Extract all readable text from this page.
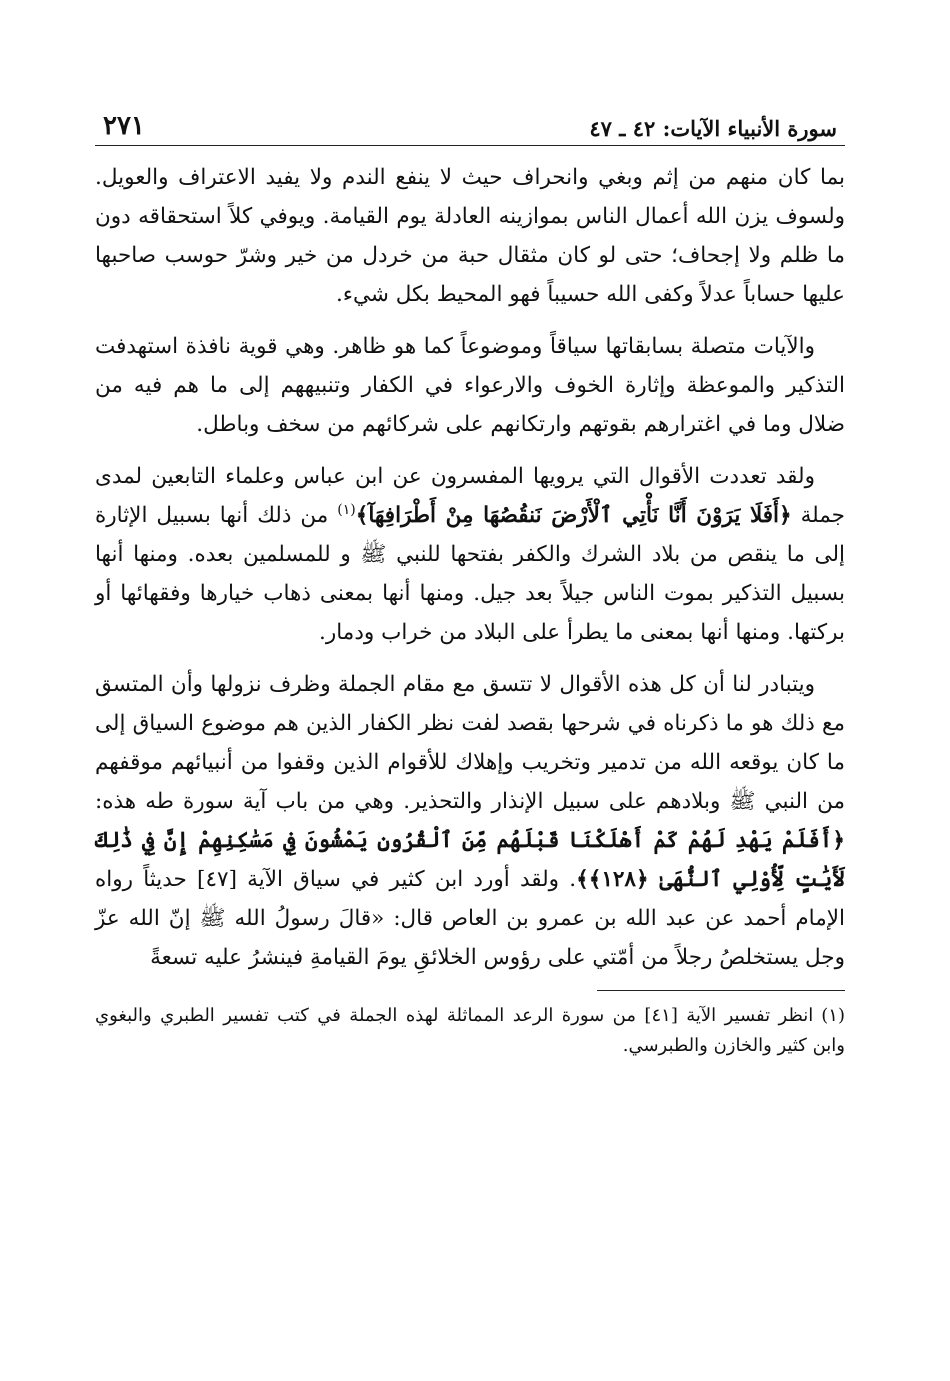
سورة الأنبياء الآيات: ٤٢ ـ ٤٧
٢٧١

بما كان منهم من إثم وبغي وانحراف حيث لا ينفع الندم ولا يفيد الاعتراف والعويل. ولسوف يزن الله أعمال الناس بموازينه العادلة يوم القيامة. ويوفي كلاً استحقاقه دون ما ظلم ولا إجحاف؛ حتى لو كان مثقال حبة من خردل من خير وشرّ حوسب صاحبها عليها حساباً عدلاً وكفى الله حسيباً فهو المحيط بكل شيء.

والآيات متصلة بسابقاتها سياقاً وموضوعاً كما هو ظاهر. وهي قوية نافذة استهدفت التذكير والموعظة وإثارة الخوف والارعواء في الكفار وتنبيههم إلى ما هم فيه من ضلال وما في اغترارهم بقوتهم وارتكانهم على شركائهم من سخف وباطل.

ولقد تعددت الأقوال التي يرويها المفسرون عن ابن عباس وعلماء التابعين لمدى جملة ﴿أَفَلَا يَرَوْنَ أَنَّا نَأْتِي ٱلْأَرْضَ نَنقُصُهَا مِنْ أَطْرَافِهَآ﴾$^{(١)}$ من ذلك أنها بسبيل الإثارة إلى ما ينقص من بلاد الشرك والكفر بفتحها للنبي ﷺ و للمسلمين بعده. ومنها أنها بسبيل التذكير بموت الناس جيلاً بعد جيل. ومنها أنها بمعنى ذهاب خيارها وفقهائها أو بركتها. ومنها أنها بمعنى ما يطرأ على البلاد من خراب ودمار.

ويتبادر لنا أن كل هذه الأقوال لا تتسق مع مقام الجملة وظرف نزولها وأن المتسق مع ذلك هو ما ذكرناه في شرحها بقصد لفت نظر الكفار الذين هم موضوع السياق إلى ما كان يوقعه الله من تدمير وتخريب وإهلاك للأقوام الذين وقفوا من أنبيائهم موقفهم من النبي ﷺ وبلادهم على سبيل الإنذار والتحذير. وهي من باب آية سورة طه هذه: ﴿أَفَلَمْ يَهْدِ لَهُمْ كَمْ أَهْلَكْنَا قَبْلَهُم مِّنَ ٱلْقُرُونِ يَمْشُونَ فِي مَسَٰكِنِهِمْ إِنَّ فِي ذَٰلِكَ لَأَيَٰتٍ لِّأُوْلِي ٱلنُّهَىٰ ﴿١٢٨﴾﴾. ولقد أورد ابن كثير في سياق الآية [٤٧] حديثاً رواه الإمام أحمد عن عبد الله بن عمرو بن العاص قال: «قالَ رسولُ الله ﷺ إنّ الله عزّ وجل يستخلصُ رجلاً من أمّتي على رؤوس الخلائقِ يومَ القيامةِ فينشرُ عليه تسعةً

(١)انظر تفسير الآية [٤١] من سورة الرعد المماثلة لهذه الجملة في كتب تفسير الطبري والبغوي وابن كثير والخازن والطبرسي.
